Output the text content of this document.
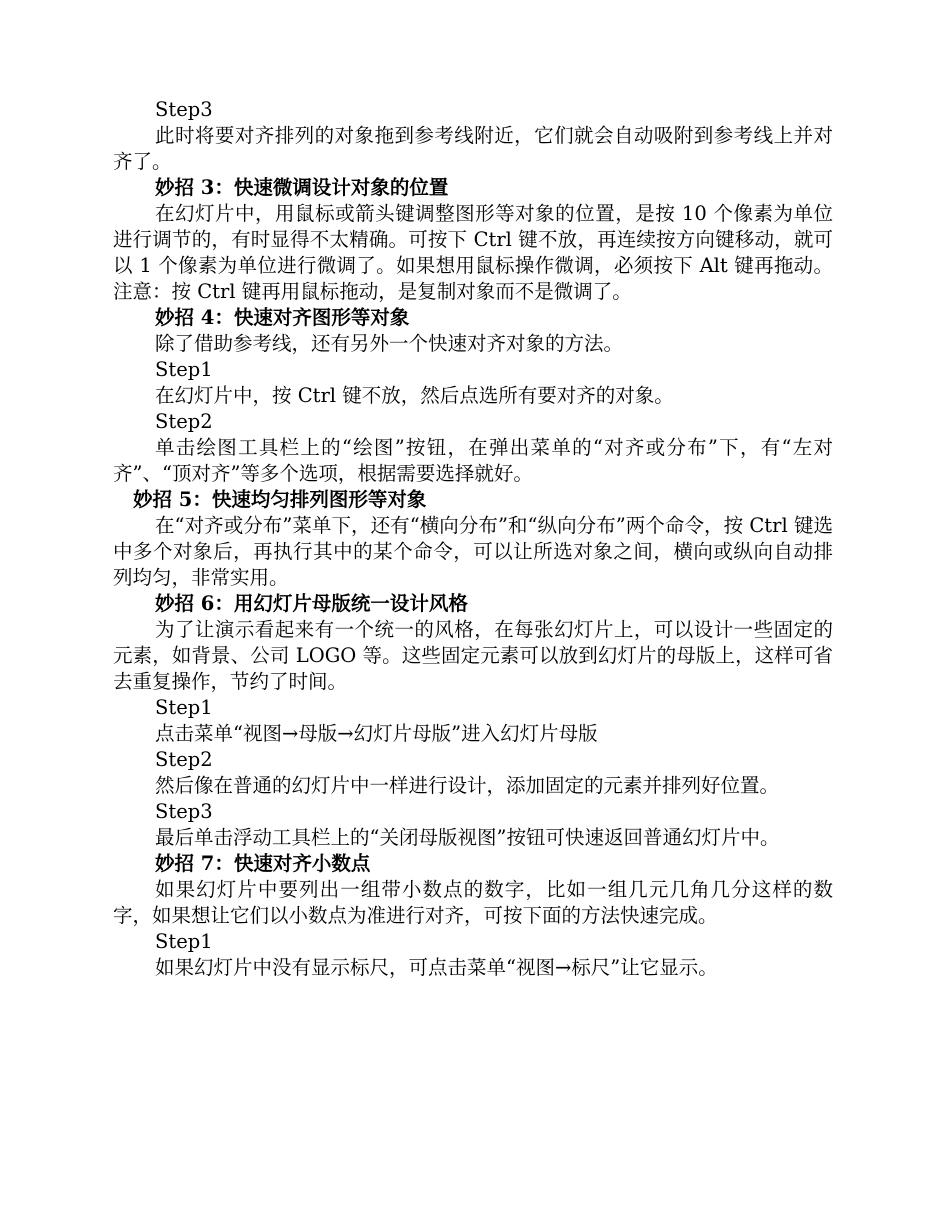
Step3

此时将要对齐排列的对象拖到参考线附近，它们就会自动吸附到参考线上并对齐了。

妙招 3：快速微调设计对象的位置

在幻灯片中，用鼠标或箭头键调整图形等对象的位置，是按 10 个像素为单位进行调节的，有时显得不太精确。可按下 Ctrl 键不放，再连续按方向键移动，就可以 1 个像素为单位进行微调了。如果想用鼠标操作微调，必须按下 Alt 键再拖动。注意：按 Ctrl 键再用鼠标拖动，是复制对象而不是微调了。

妙招 4：快速对齐图形等对象

除了借助参考线，还有另外一个快速对齐对象的方法。

Step1

在幻灯片中，按 Ctrl 键不放，然后点选所有要对齐的对象。

Step2

单击绘图工具栏上的“绘图”按钮，在弹出菜单的“对齐或分布”下，有“左对齐”、“顶对齐”等多个选项，根据需要选择就好。

妙招 5：快速均匀排列图形等对象

在“对齐或分布”菜单下，还有“横向分布”和“纵向分布”两个命令，按 Ctrl 键选中多个对象后，再执行其中的某个命令，可以让所选对象之间，横向或纵向自动排列均匀，非常实用。

妙招 6：用幻灯片母版统一设计风格

为了让演示看起来有一个统一的风格，在每张幻灯片上，可以设计一些固定的元素，如背景、公司 LOGO 等。这些固定元素可以放到幻灯片的母版上，这样可省去重复操作，节约了时间。

Step1

点击菜单“视图→母版→幻灯片母版”进入幻灯片母版

Step2

然后像在普通的幻灯片中一样进行设计，添加固定的元素并排列好位置。

Step3

最后单击浮动工具栏上的“关闭母版视图”按钮可快速返回普通幻灯片中。

妙招 7：快速对齐小数点

如果幻灯片中要列出一组带小数点的数字，比如一组几元几角几分这样的数字，如果想让它们以小数点为准进行对齐，可按下面的方法快速完成。

Step1

如果幻灯片中没有显示标尺，可点击菜单“视图→标尺”让它显示。
